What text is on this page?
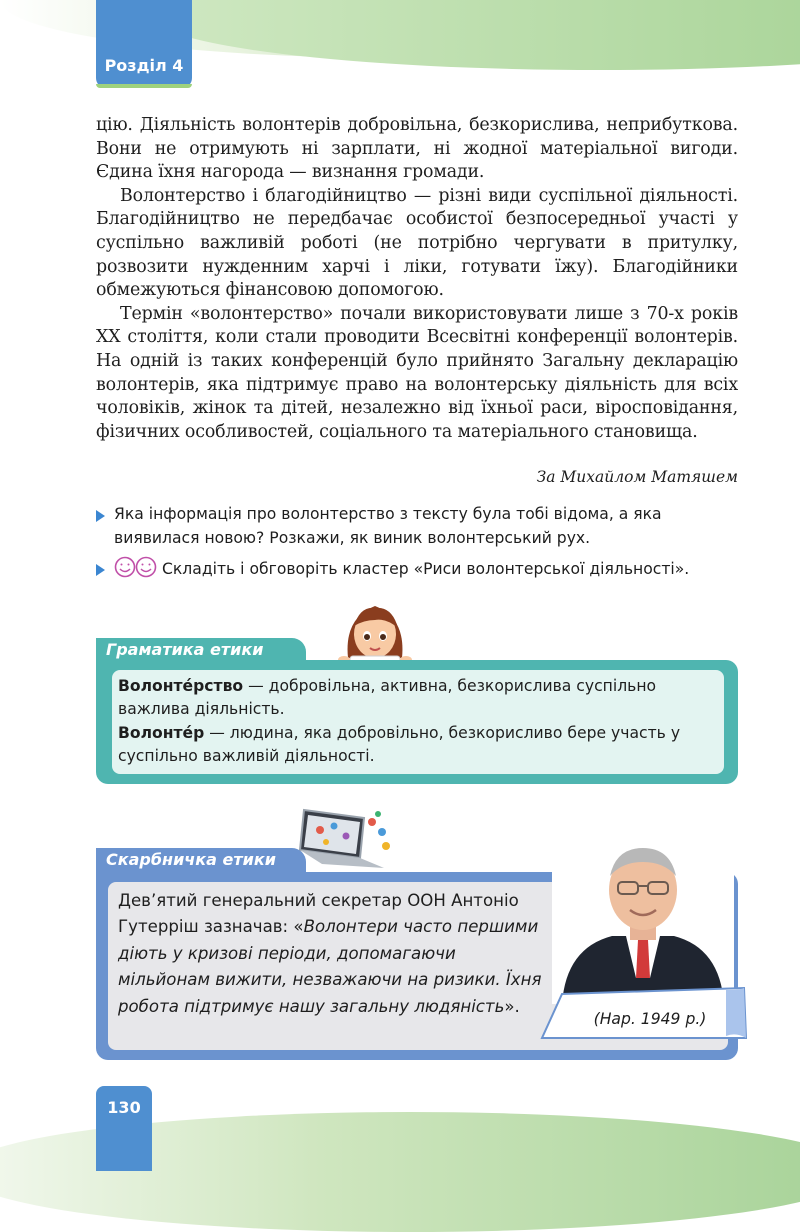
Розділ 4

цію. Діяльність волонтерів добровільна, безкорислива, неприбуткова. Вони не отримують ні зарплати, ні жодної матеріальної вигоди. Єдина їхня нагорода — визнання громади.

Волонтерство і благодійництво — різні види суспільної діяльності. Благодійництво не передбачає особистої безпосередньої участі у суспільно важливій роботі (не потрібно чергувати в притулку, розвозити нужденним харчі і ліки, готувати їжу). Благодійники обмежуються фінансовою допомогою.

Термін «волонтерство» почали використовувати лише з 70-х років XX століття, коли стали проводити Всесвітні конференції волонтерів. На одній із таких конференцій було прийнято Загальну декларацію волонтерів, яка підтримує право на волонтерську діяльність для всіх чоловіків, жінок та дітей, незалежно від їхньої раси, віросповідання, фізичних особливостей, соціального та матеріального становища.

За Михайлом Матяшем
Яка інформація про волонтерство з тексту була тобі відома, а яка виявилася новою? Розкажи, як виник волонтерський рух.
Складіть і обговоріть кластер «Риси волонтерської діяльності».
Граматика етики

Волонте́рство — добровільна, активна, безкорислива суспільно важлива діяльність.

Волонте́р — людина, яка добровільно, безкорисливо бере участь у суспільно важливій діяльності.

Скарбничка етики
Дев’ятий генеральний секретар ООН Антоніо Гутерріш зазначав: «Волонтери часто першими діють у кризові періоди, допомагаючи мільйонам вижити, незважаючи на ризики. Їхня робота підтримує нашу загальну людяність».
(Нар. 1949 р.)
130
